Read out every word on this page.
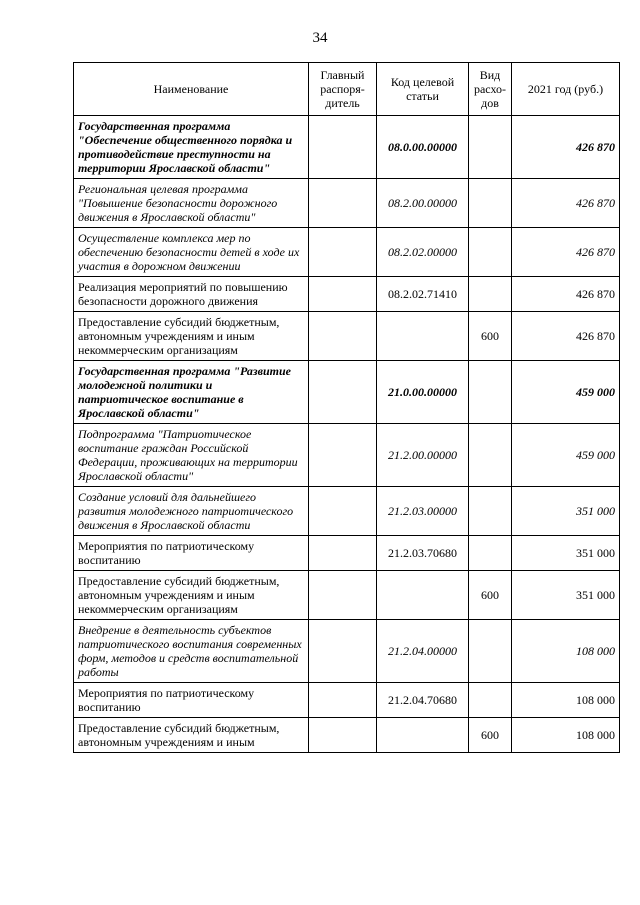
34
Наименование	Главный распоря-дитель	Код целевой статьи	Вид расхо-дов	2021 год (руб.)
Государственная программа "Обеспечение общественного порядка и противодействие преступности на территории Ярославской области"		08.0.00.00000		426 870
Региональная целевая программа "Повышение безопасности дорожного движения в Ярославской области"		08.2.00.00000		426 870
Осуществление комплекса мер по обеспечению безопасности детей в ходе их участия в дорожном движении		08.2.02.00000		426 870
Реализация мероприятий по повышению безопасности дорожного движения		08.2.02.71410		426 870
Предоставление субсидий бюджетным, автономным учреждениям и иным некоммерческим организациям			600	426 870
Государственная программа "Развитие молодежной политики и патриотическое воспитание в Ярославской области"		21.0.00.00000		459 000
Подпрограмма "Патриотическое воспитание граждан Российской Федерации, проживающих на территории Ярославской области"		21.2.00.00000		459 000
Создание условий для дальнейшего развития молодежного патриотического движения в Ярославской области		21.2.03.00000		351 000
Мероприятия по патриотическому воспитанию		21.2.03.70680		351 000
Предоставление субсидий бюджетным, автономным учреждениям и иным некоммерческим организациям			600	351 000
Внедрение в деятельность субъектов патриотического воспитания современных форм, методов и средств воспитательной работы		21.2.04.00000		108 000
Мероприятия по патриотическому воспитанию		21.2.04.70680		108 000
Предоставление субсидий бюджетным, автономным учреждениям и иным			600	108 000
